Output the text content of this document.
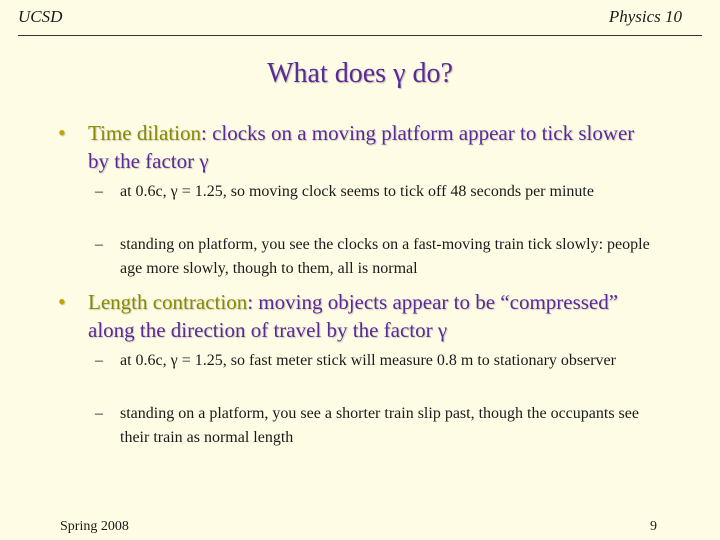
UCSD	Physics 10
What does γ do?
• Time dilation: clocks on a moving platform appear to tick slower by the factor γ
– at 0.6c, γ = 1.25, so moving clock seems to tick off 48 seconds per minute
– standing on platform, you see the clocks on a fast-moving train tick slowly: people age more slowly, though to them, all is normal
• Length contraction: moving objects appear to be “compressed” along the direction of travel by the factor γ
– at 0.6c, γ = 1.25, so fast meter stick will measure 0.8 m to stationary observer
– standing on a platform, you see a shorter train slip past, though the occupants see their train as normal length
Spring 2008	9
